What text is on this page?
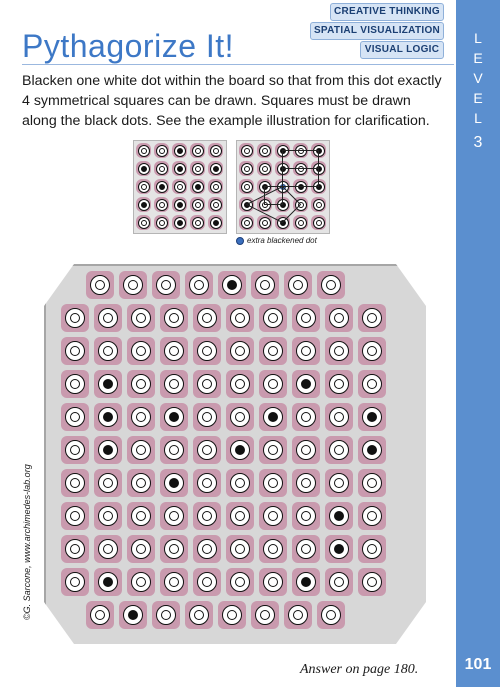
L
E
V
E
L
3
101
CREATIVE THINKING
SPATIAL VISUALIZATION
VISUAL LOGIC
Pythagorize It!
Blacken one white dot within the board so that from this dot exactly 4 symmetrical squares can be drawn. Squares must be drawn along the black dots. See the example illustration for clarification.
extra blackened dot
©G. Sarcone, www.archimedes-lab.org
Answer on page 180.
